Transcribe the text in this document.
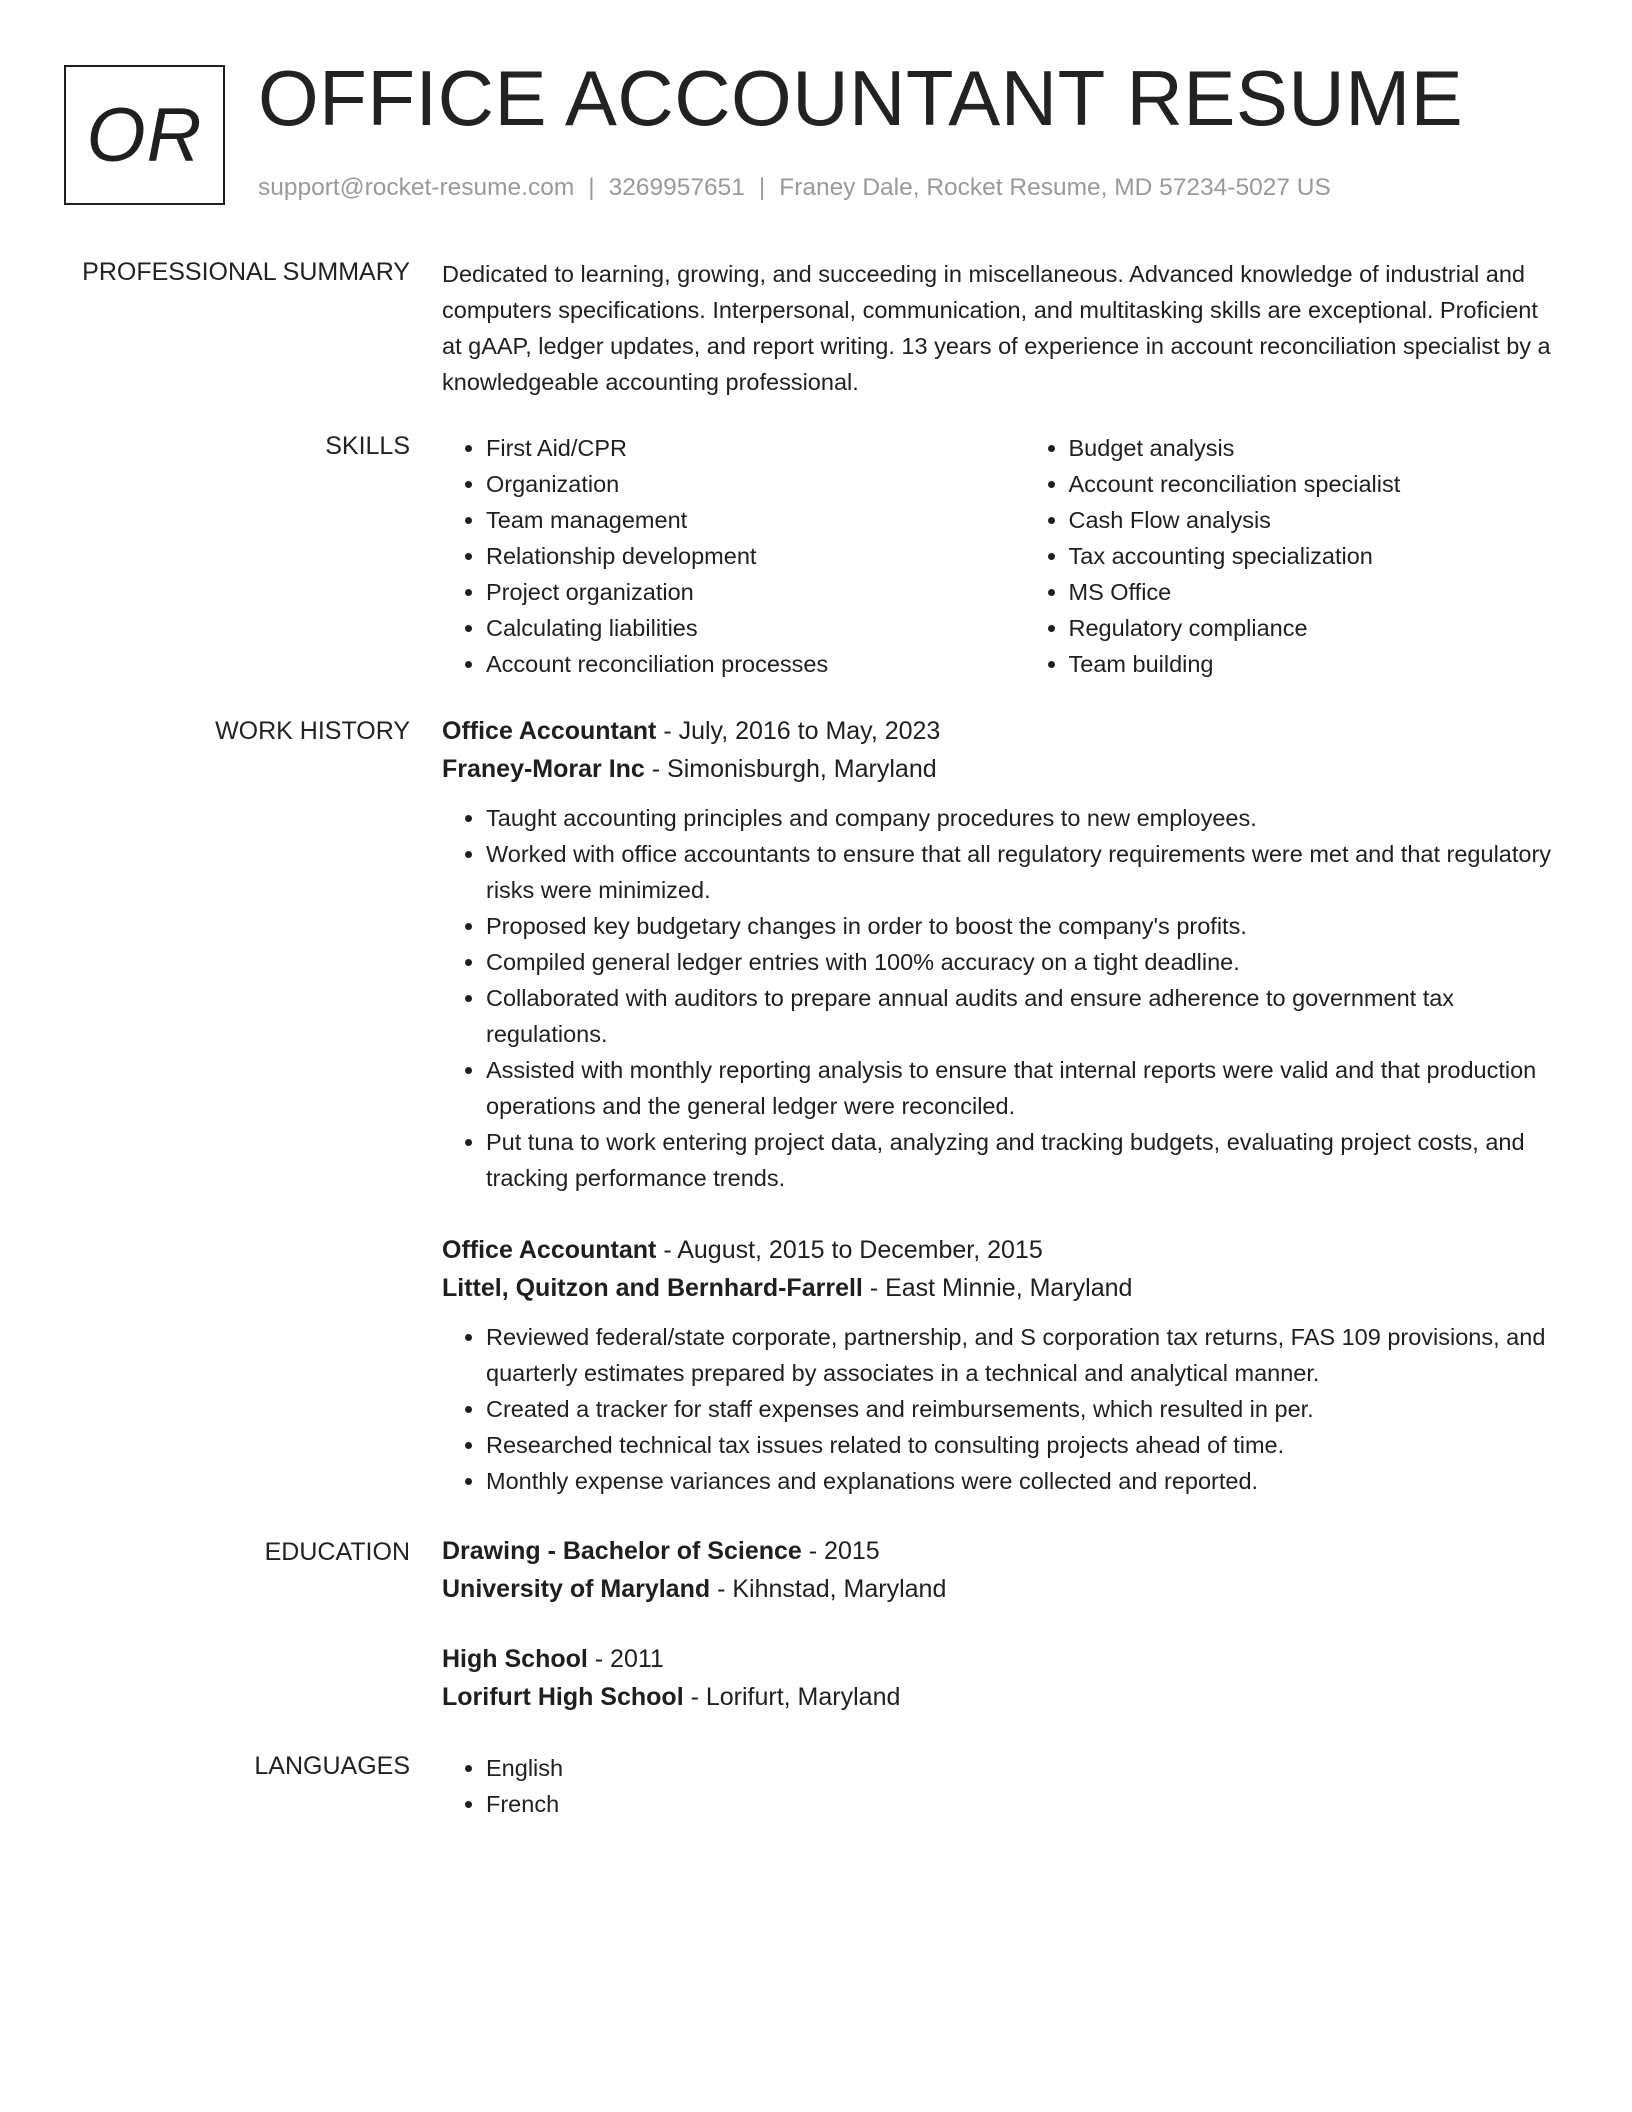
OR OFFICE ACCOUNTANT RESUME
support@rocket-resume.com | 3269957651 | Franey Dale, Rocket Resume, MD 57234-5027 US
PROFESSIONAL SUMMARY Dedicated to learning, growing, and succeeding in miscellaneous. Advanced knowledge of industrial and computers specifications. Interpersonal, communication, and multitasking skills are exceptional. Proficient at gAAP, ledger updates, and report writing. 13 years of experience in account reconciliation specialist by a knowledgeable accounting professional.

SKILLS	• First Aid/CPR
• Organization
• Team management
• Relationship development
• Project organization
• Calculating liabilities
• Account reconciliation processes
• Budget analysis
• Account reconciliation specialist
• Cash Flow analysis
• Tax accounting specialization
• MS Office
• Regulatory compliance
• Team building
WORK HISTORY Office Accountant - July, 2016 to May, 2023
Franey-Morar Inc - Simonisburgh, Maryland
• Taught accounting principles and company procedures to new employees.
• Worked with office accountants to ensure that all regulatory requirements were met and that regulatory risks were minimized.
• Proposed key budgetary changes in order to boost the company's profits.
• Compiled general ledger entries with 100% accuracy on a tight deadline.
• Collaborated with auditors to prepare annual audits and ensure adherence to government tax regulations.
• Assisted with monthly reporting analysis to ensure that internal reports were valid and that production operations and the general ledger were reconciled.
• Put tuna to work entering project data, analyzing and tracking budgets, evaluating project costs, and tracking performance trends.
Office Accountant - August, 2015 to December, 2015
Littel, Quitzon and Bernhard-Farrell - East Minnie, Maryland
• Reviewed federal/state corporate, partnership, and S corporation tax returns, FAS 109 provisions, and quarterly estimates prepared by associates in a technical and analytical manner.
• Created a tracker for staff expenses and reimbursements, which resulted in per.
• Researched technical tax issues related to consulting projects ahead of time.
• Monthly expense variances and explanations were collected and reported.
EDUCATION Drawing - Bachelor of Science - 2015
University of Maryland - Kihnstad, Maryland
High School - 2011
Lorifurt High School - Lorifurt, Maryland
LANGUAGES	• English
• French
